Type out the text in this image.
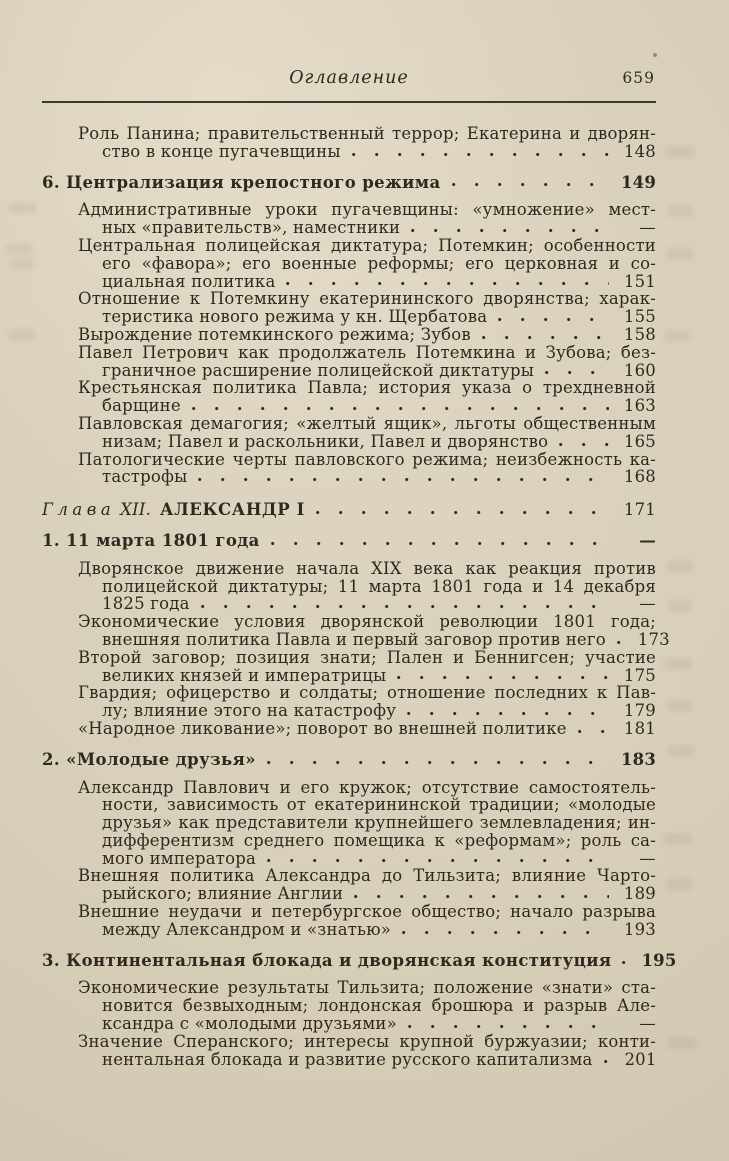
Оглавление	659
Роль Панина; правительственный террор; Екатерина и дворян-
ство в конце пугачевщины	148
6. Централизация крепостного режима	149
Административные уроки пугачевщины: «умножение» мест-
ных «правительств», наместники	—
Центральная полицейская диктатура; Потемкин; особенности
его «фавора»; его военные реформы; его церковная и со-
циальная политика	151
Отношение к Потемкину екатерининского дворянства; харак-
теристика нового режима у кн. Щербатова	155
Вырождение потемкинского режима; Зубов	158
Павел Петрович как продолжатель Потемкина и Зубова; без-
граничное расширение полицейской диктатуры	160
Крестьянская политика Павла; история указа о трехдневной
барщине	163
Павловская демагогия; «желтый ящик», льготы общественным
низам; Павел и раскольники, Павел и дворянство	165
Патологические черты павловского режима; неизбежность ка-
тастрофы	168
Глава XII. АЛЕКСАНДР I	171
1. 11 марта 1801 года	—
Дворянское движение начала XIX века как реакция против
полицейской диктатуры; 11 марта 1801 года и 14 декабря
1825 года	—
Экономические условия дворянской революции 1801 года;
внешняя политика Павла и первый заговор против него 173
Второй заговор; позиция знати; Пален и Беннигсен; участие
великих князей и императрицы	175
Гвардия; офицерство и солдаты; отношение последних к Пав-
лу; влияние этого на катастрофу	179
«Народное ликование»; поворот во внешней политике	181
2. «Молодые друзья»	183
Александр Павлович и его кружок; отсутствие самостоятель-
ности, зависимость от екатерининской традиции; «молодые
друзья» как представители крупнейшего землевладения; ин-
дифферентизм среднего помещика к «реформам»; роль са-
мого императора	—
Внешняя политика Александра до Тильзита; влияние Чарто-
рыйского; влияние Англии	189
Внешние неудачи и петербургское общество; начало разрыва
между Александром и «знатью»	193
3. Континентальная блокада и дворянская конституция 195
Экономические результаты Тильзита; положение «знати» ста-
новится безвыходным; лондонская брошюра и разрыв Але-
ксандра с «молодыми друзьями»	—
Значение Сперанского; интересы крупной буржуазии; конти-
нентальная блокада и развитие русского капитализма 201
